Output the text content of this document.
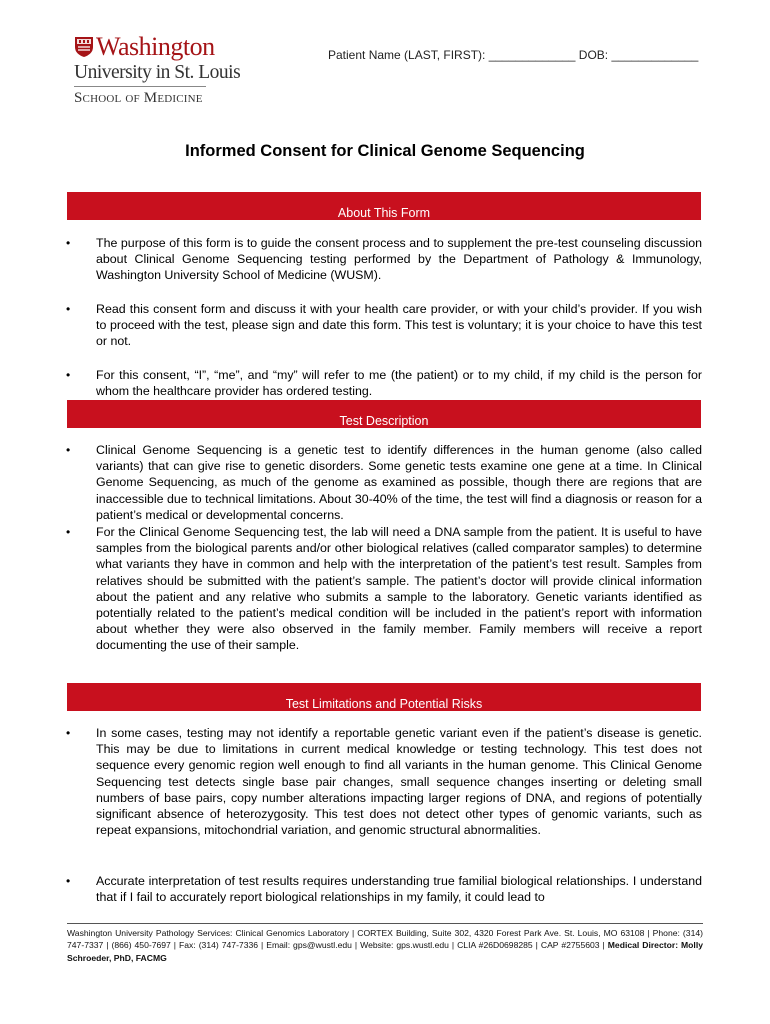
Washington
University in St. Louis
School of Medicine
Patient Name (LAST, FIRST): _____________ DOB: _____________
Informed Consent for Clinical Genome Sequencing
About This Form
• The purpose of this form is to guide the consent process and to supplement the pre-test counseling discussion about Clinical Genome Sequencing testing performed by the Department of Pathology & Immunology, Washington University School of Medicine (WUSM).
• Read this consent form and discuss it with your health care provider, or with your child’s provider. If you wish to proceed with the test, please sign and date this form. This test is voluntary; it is your choice to have this test or not.
• For this consent, “I”, “me”, and “my” will refer to me (the patient) or to my child, if my child is the person for whom the healthcare provider has ordered testing.
Test Description
• Clinical Genome Sequencing is a genetic test to identify differences in the human genome (also called variants) that can give rise to genetic disorders. Some genetic tests examine one gene at a time. In Clinical Genome Sequencing, as much of the genome as examined as possible, though there are regions that are inaccessible due to technical limitations. About 30-40% of the time, the test will find a diagnosis or reason for a patient’s medical or developmental concerns.
• For the Clinical Genome Sequencing test, the lab will need a DNA sample from the patient. It is useful to have samples from the biological parents and/or other biological relatives (called comparator samples) to determine what variants they have in common and help with the interpretation of the patient’s test result. Samples from relatives should be submitted with the patient’s sample. The patient’s doctor will provide clinical information about the patient and any relative who submits a sample to the laboratory. Genetic variants identified as potentially related to the patient’s medical condition will be included in the patient’s report with information about whether they were also observed in the family member. Family members will receive a report documenting the use of their sample.
Test Limitations and Potential Risks
• In some cases, testing may not identify a reportable genetic variant even if the patient’s disease is genetic. This may be due to limitations in current medical knowledge or testing technology. This test does not sequence every genomic region well enough to find all variants in the human genome. This Clinical Genome Sequencing test detects single base pair changes, small sequence changes inserting or deleting small numbers of base pairs, copy number alterations impacting larger regions of DNA, and regions of potentially significant absence of heterozygosity. This test does not detect other types of genomic variants, such as repeat expansions, mitochondrial variation, and genomic structural abnormalities.
• Accurate interpretation of test results requires understanding true familial biological relationships. I understand that if I fail to accurately report biological relationships in my family, it could lead to
Washington University Pathology Services: Clinical Genomics Laboratory | CORTEX Building, Suite 302, 4320 Forest Park Ave. St. Louis, MO 63108 | Phone: (314) 747-7337 | (866) 450-7697 | Fax: (314) 747-7336 | Email: gps@wustl.edu | Website: gps.wustl.edu | CLIA #26D0698285 | CAP #2755603 | Medical Director: Molly Schroeder, PhD, FACMG
